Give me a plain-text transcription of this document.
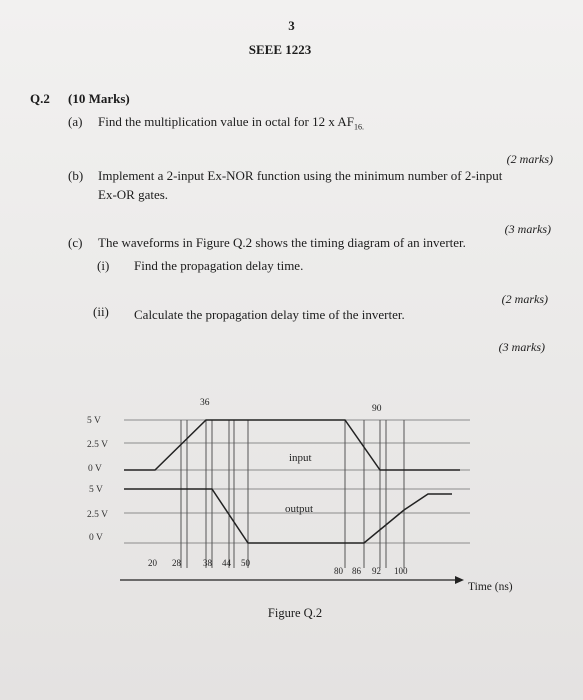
3
SEEE 1223
Q.2 (10 Marks)
(a) Find the multiplication value in octal for 12 x $AF_{16.}$
(2 marks)
(b) Implement a 2-input Ex-NOR function using the minimum number of 2-input
Ex-OR gates.
(3 marks)
(c) The waveforms in Figure Q.2 shows the timing diagram of an inverter.
(i) Find the propagation delay time.
(2 marks)
(ii) Calculate the propagation delay time of the inverter.
(3 marks)
5 V
2.5 V
0 V
5 V
2.5 V
0 V
input
output
36
90
20 28 38 44 50
80 86 92 100
Time (ns)
Figure Q.2
